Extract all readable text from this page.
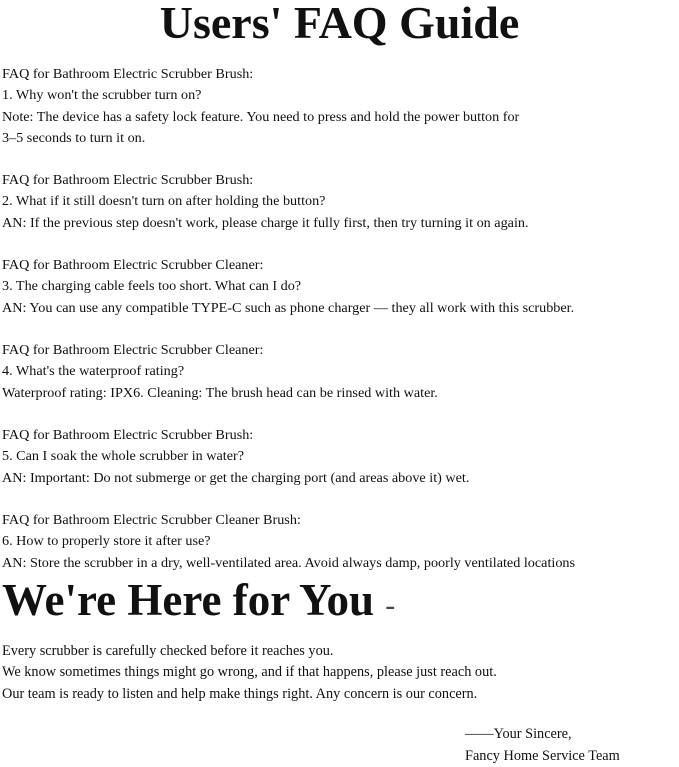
Users' FAQ Guide
FAQ for Bathroom Electric Scrubber Brush:
1. Why won't the scrubber turn on?
Note: The device has a safety lock feature. You need to press and hold the power button for
3–5 seconds to turn it on.
FAQ for Bathroom Electric Scrubber Brush:
2. What if it still doesn't turn on after holding the button?
AN: If the previous step doesn't work, please charge it fully first, then try turning it on again.
FAQ for Bathroom Electric Scrubber Cleaner:
3. The charging cable feels too short. What can I do?
AN: You can use any compatible TYPE-C such as phone charger — they all work with this scrubber.
FAQ for Bathroom Electric Scrubber Cleaner:
4. What's the waterproof rating?
Waterproof rating: IPX6. Cleaning: The brush head can be rinsed with water.
FAQ for Bathroom Electric Scrubber Brush:
5. Can I soak the whole scrubber in water?
AN: Important: Do not submerge or get the charging port (and areas above it) wet.
FAQ for Bathroom Electric Scrubber Cleaner Brush:
6. How to properly store it after use?
AN: Store the scrubber in a dry, well-ventilated area. Avoid always damp, poorly ventilated locations
We're Here for You -
Every scrubber is carefully checked before it reaches you.
We know sometimes things might go wrong, and if that happens, please just reach out.
Our team is ready to listen and help make things right. Any concern is our concern.
——Your Sincere,
Fancy Home Service Team
